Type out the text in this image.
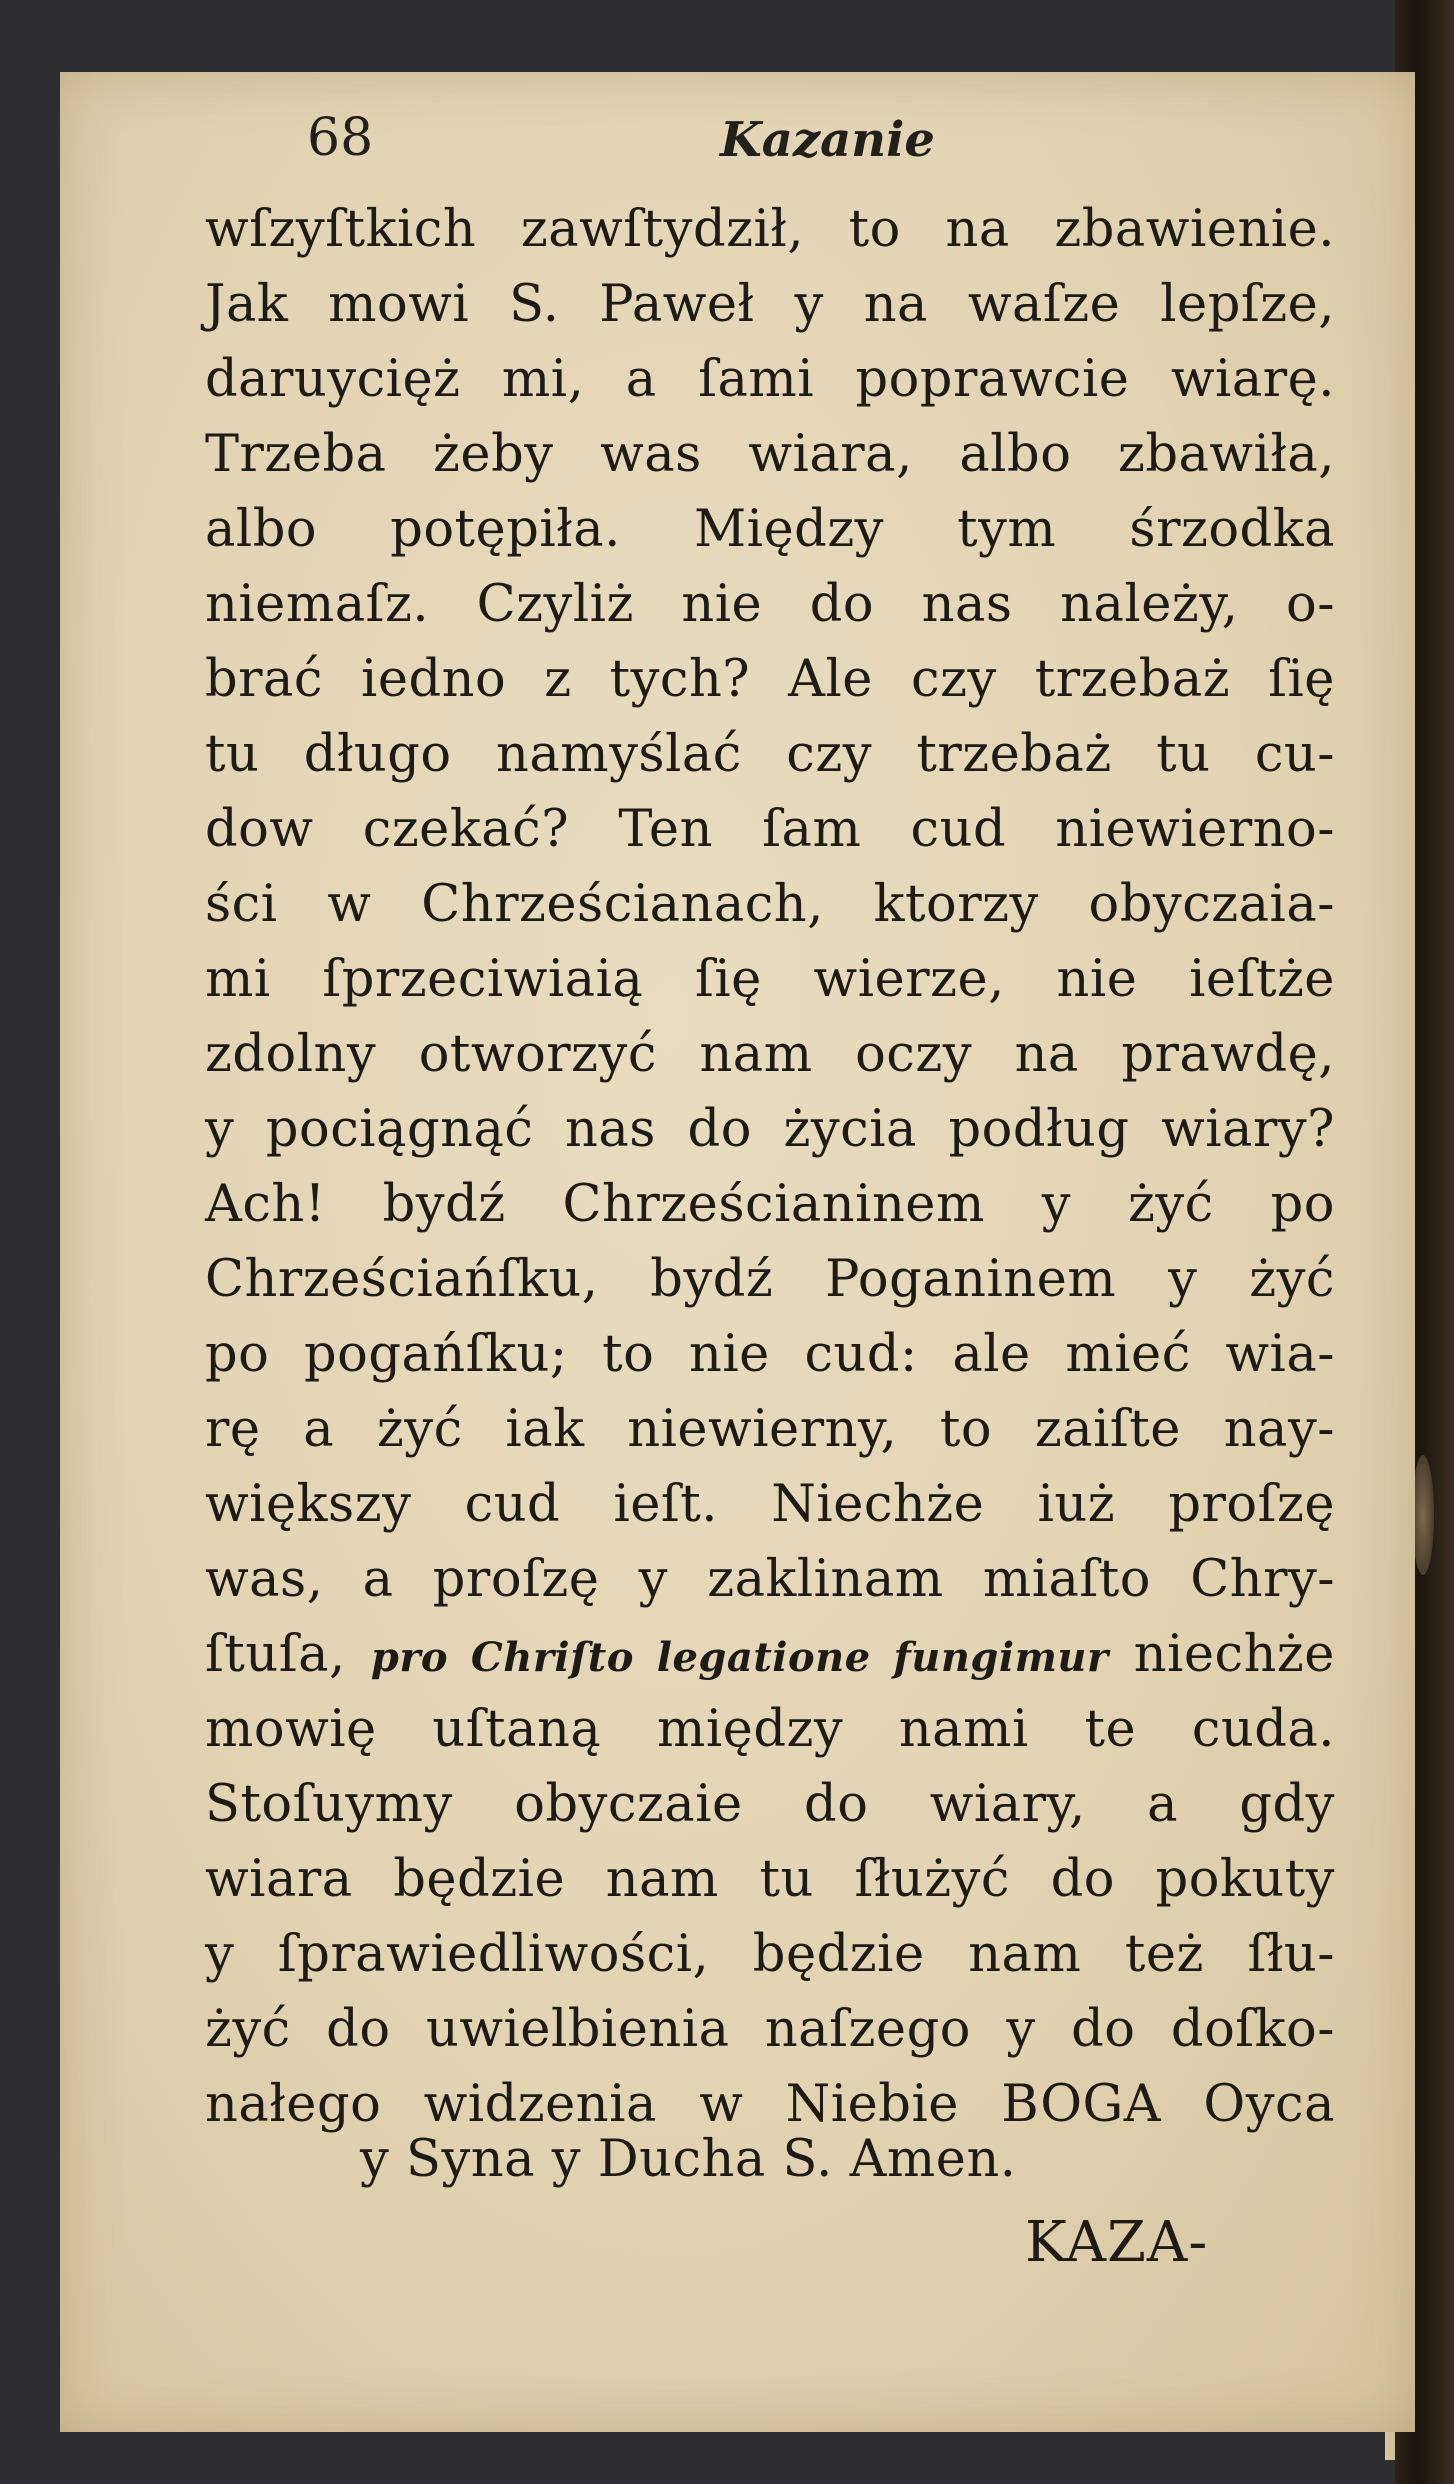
68	Kazanie
wſzyſtkich zawſtydził, to na zbawienie.
Jak mowi S. Paweł y na waſze lepſze,
daruycięż mi, a ſami poprawcie wiarę.
Trzeba żeby was wiara, albo zbawiła,
albo potępiła. Między tym śrzodka
niemaſz. Czyliż nie do nas należy, o-
brać iedno z tych? Ale czy trzebaż ſię
tu długo namyślać czy trzebaż tu cu-
dow czekać? Ten ſam cud niewierno-
ści w Chrześcianach, ktorzy obyczaia-
mi ſprzeciwiaią ſię wierze, nie ieſtże
zdolny otworzyć nam oczy na prawdę,
y pociągnąć nas do życia podług wiary?
Ach! bydź Chrześcianinem y żyć po
Chrześciańſku, bydź Poganinem y żyć
po pogańſku; to nie cud: ale mieć wia-
rę a żyć iak niewierny, to zaiſte nay-
większy cud ieſt. Niechże iuż proſzę
was, a proſzę y zaklinam miaſto Chry-
ſtuſa, pro Chriſto legatione fungimur niechże
mowię uſtaną między nami te cuda.
Stoſuymy obyczaie do wiary, a gdy
wiara będzie nam tu ſłużyć do pokuty
y ſprawiedliwości, będzie nam też ſłu-
żyć do uwielbienia naſzego y do doſko-
nałego widzenia w Niebie BOGA Oyca
y Syna y Ducha S. Amen.
KAZA-
